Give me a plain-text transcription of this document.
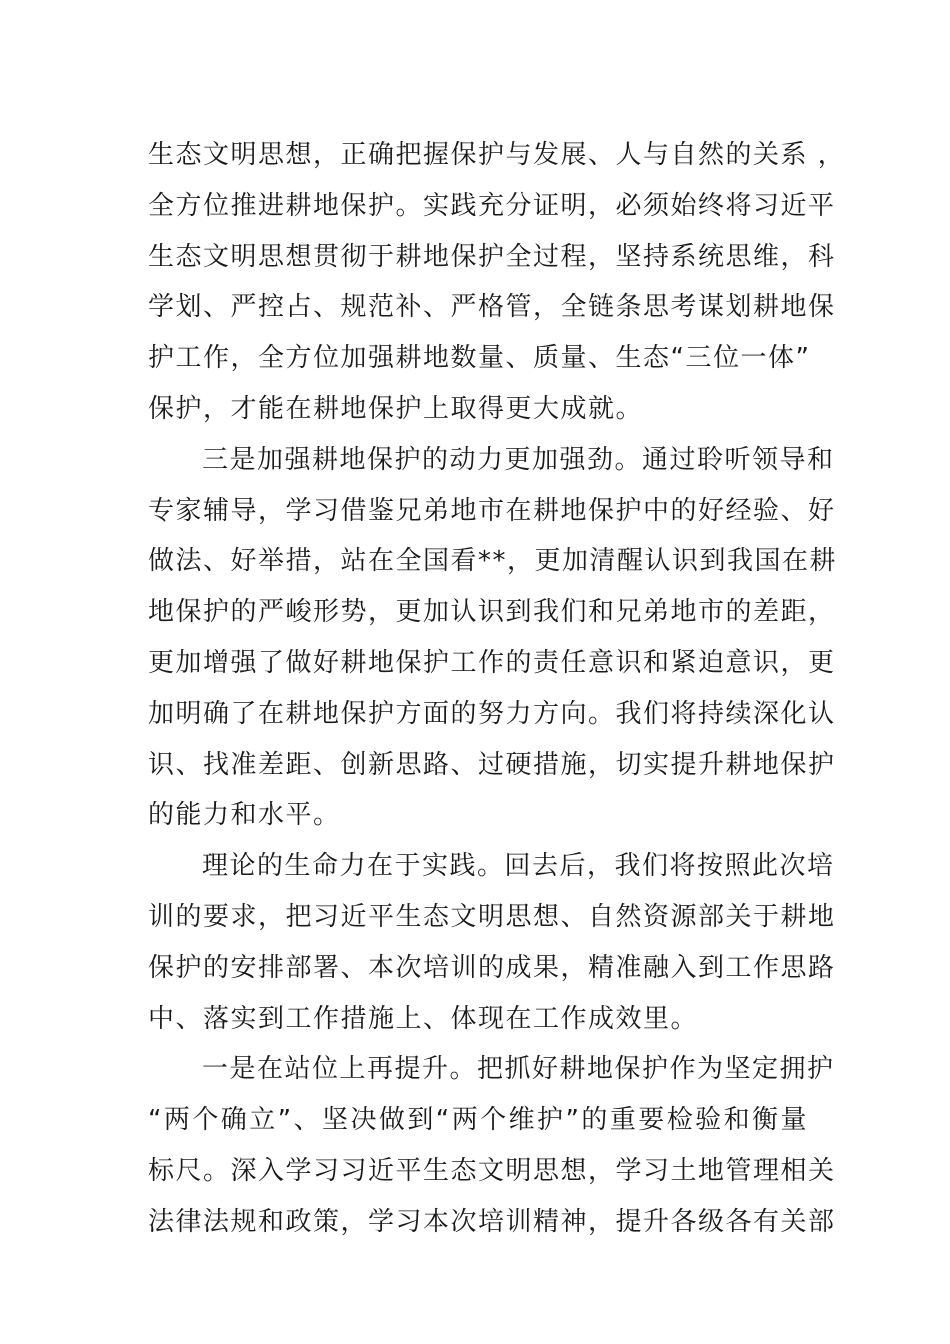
生态文明思想，正确把握保护与发展、人与自然的关系 ，
全方位推进耕地保护。实践充分证明，必须始终将习近平
生态文明思想贯彻于耕地保护全过程，坚持系统思维，科
学划、严控占、规范补、严格管，全链条思考谋划耕地保
护工作，全方位加强耕地数量、质量、生态“三位一体”
保护，才能在耕地保护上取得更大成就。
三是加强耕地保护的动力更加强劲。通过聆听领导和
专家辅导，学习借鉴兄弟地市在耕地保护中的好经验、好
做法、好举措，站在全国看**，更加清醒认识到我国在耕
地保护的严峻形势，更加认识到我们和兄弟地市的差距，
更加增强了做好耕地保护工作的责任意识和紧迫意识，更
加明确了在耕地保护方面的努力方向。我们将持续深化认
识、找准差距、创新思路、过硬措施，切实提升耕地保护
的能力和水平。
理论的生命力在于实践。回去后，我们将按照此次培
训的要求，把习近平生态文明思想、自然资源部关于耕地
保护的安排部署、本次培训的成果，精准融入到工作思路
中、落实到工作措施上、体现在工作成效里。
一是在站位上再提升。把抓好耕地保护作为坚定拥护
“两个确立”、坚决做到“两个维护”的重要检验和衡量
标尺。深入学习习近平生态文明思想，学习土地管理相关
法律法规和政策，学习本次培训精神，提升各级各有关部
